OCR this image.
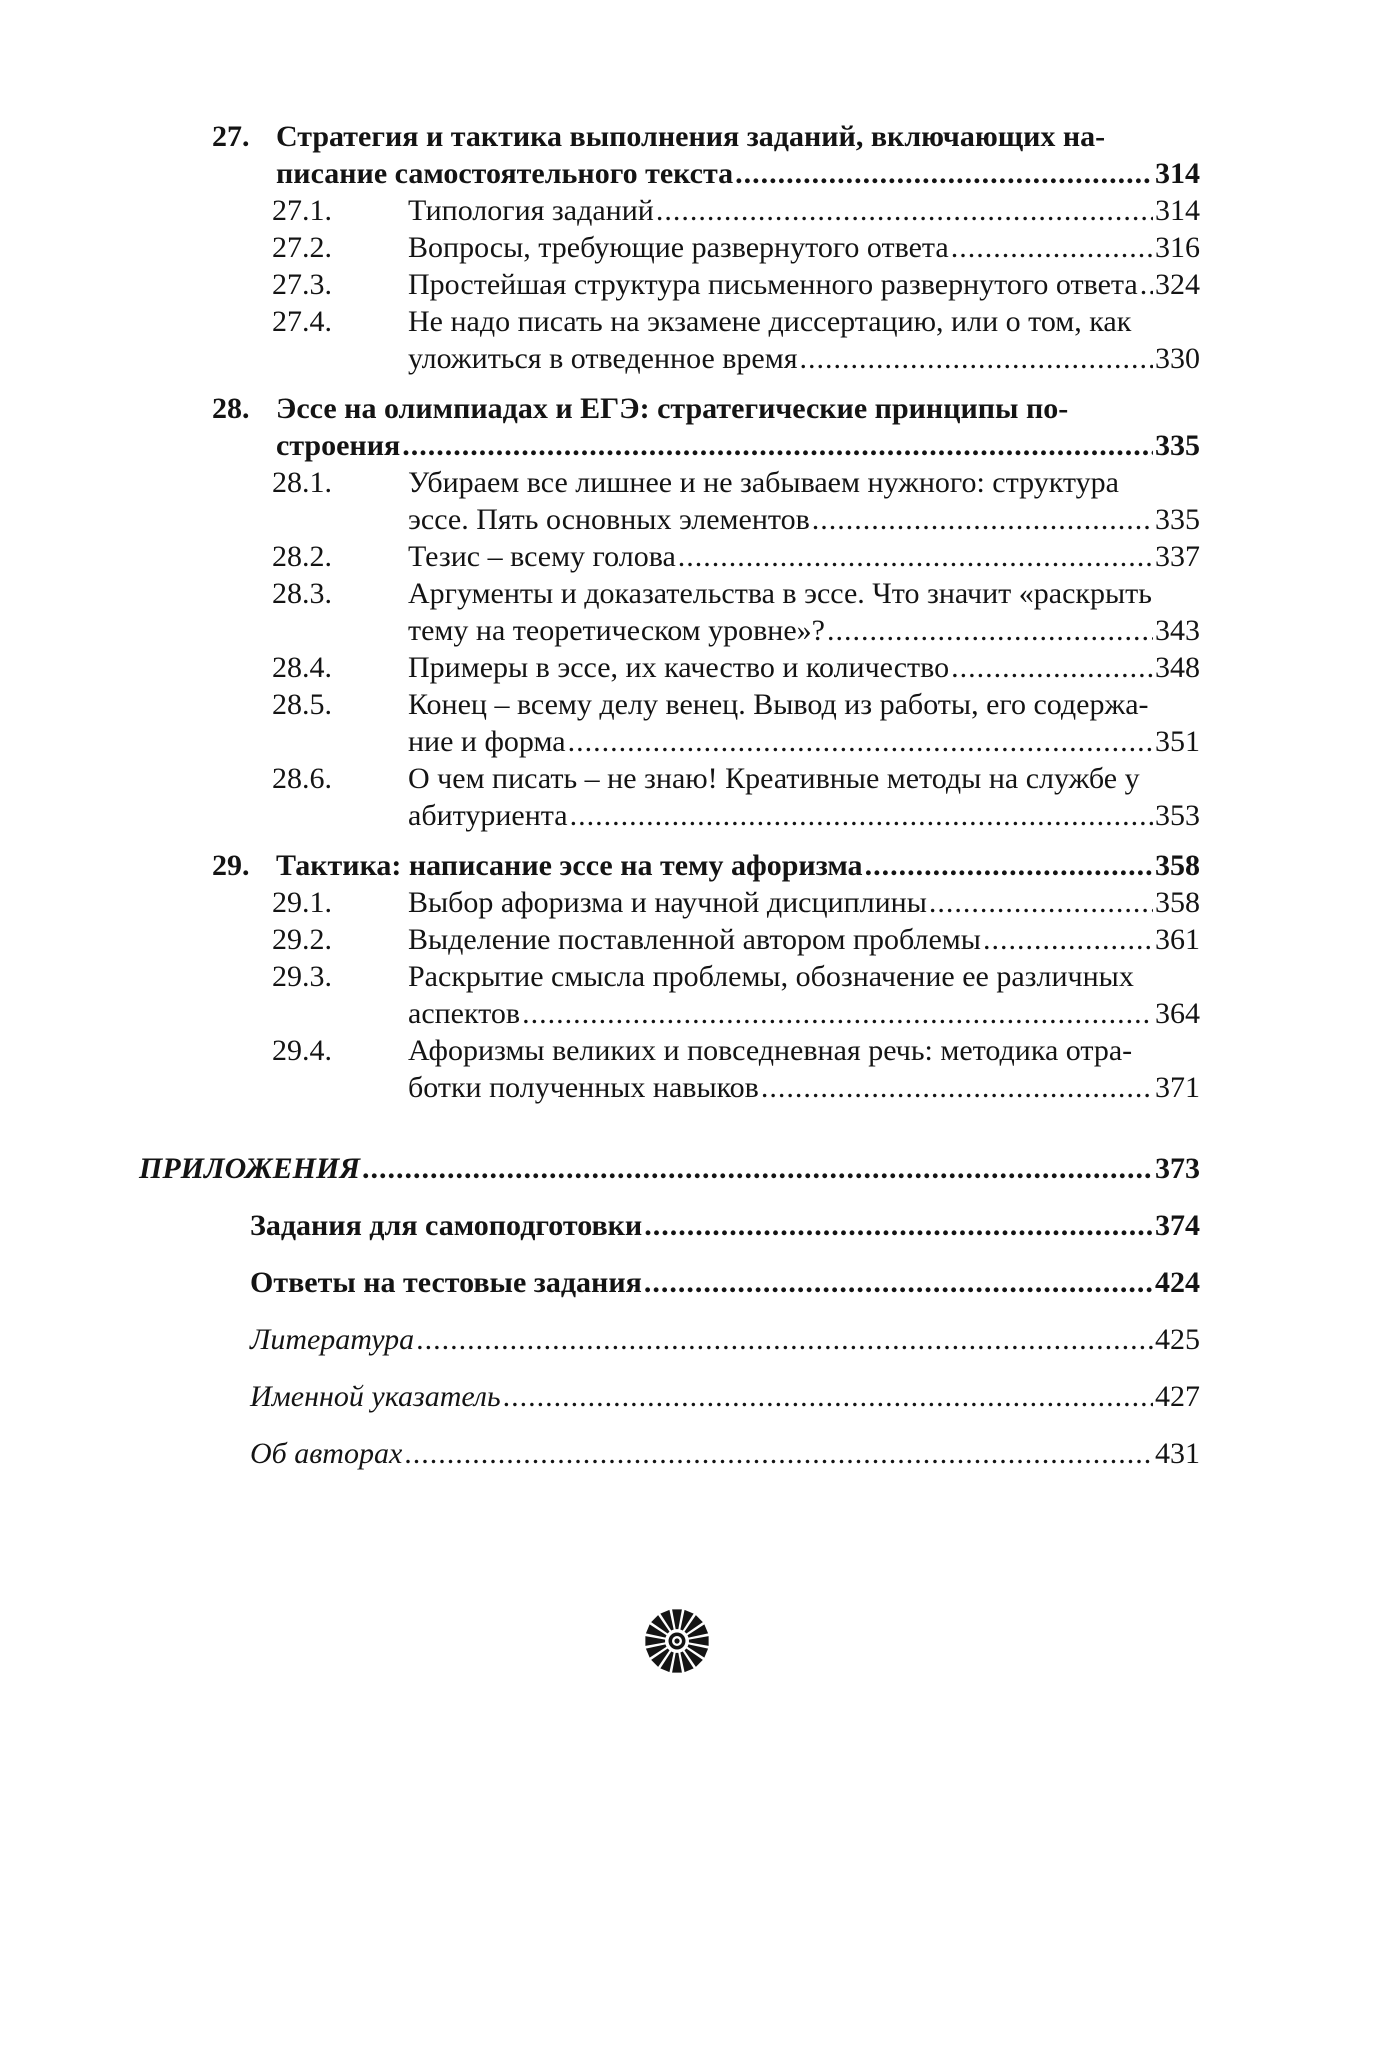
27. Стратегия и тактика выполнения заданий, включающих на-
писание самостоятельного текста .....	314
27.1.	Типология заданий .....	314
27.2.	Вопросы, требующие развернутого ответа .....	316
27.3.	Простейшая структура письменного развернутого ответа ..... 324
27.4.	Не надо писать на экзамене диссертацию, или о том, как
уложиться в отведенное время .....	330
28. Эссе на олимпиадах и ЕГЭ: стратегические принципы по-
строения .....	335
28.1.	Убираем все лишнее и не забываем нужного: структура
эссе. Пять основных элементов .....	335
28.2.	Тезис – всему голова .....	337
28.3.	Аргументы и доказательства в эссе. Что значит «раскрыть
тему на теоретическом уровне»? .....	343
28.4.	Примеры в эссе, их качество и количество .....	348
28.5.	Конец – всему делу венец. Вывод из работы, его содержа-
ние и форма .....	351
28.6.	О чем писать – не знаю! Креативные методы на службе у
абитуриента .....	353
29. Тактика: написание эссе на тему афоризма .....	358
29.1.	Выбор афоризма и научной дисциплины .....	358
29.2.	Выделение поставленной автором проблемы .....	361
29.3.	Раскрытие смысла проблемы, обозначение ее различных
аспектов .....	364
29.4.	Афоризмы великих и повседневная речь: методика отра-
ботки полученных навыков .....	371
ПРИЛОЖЕНИЯ .....	373
Задания для самоподготовки .....	374
Ответы на тестовые задания .....	424
Литература .....	425
Именной указатель .....	427
Об авторах .....	431
